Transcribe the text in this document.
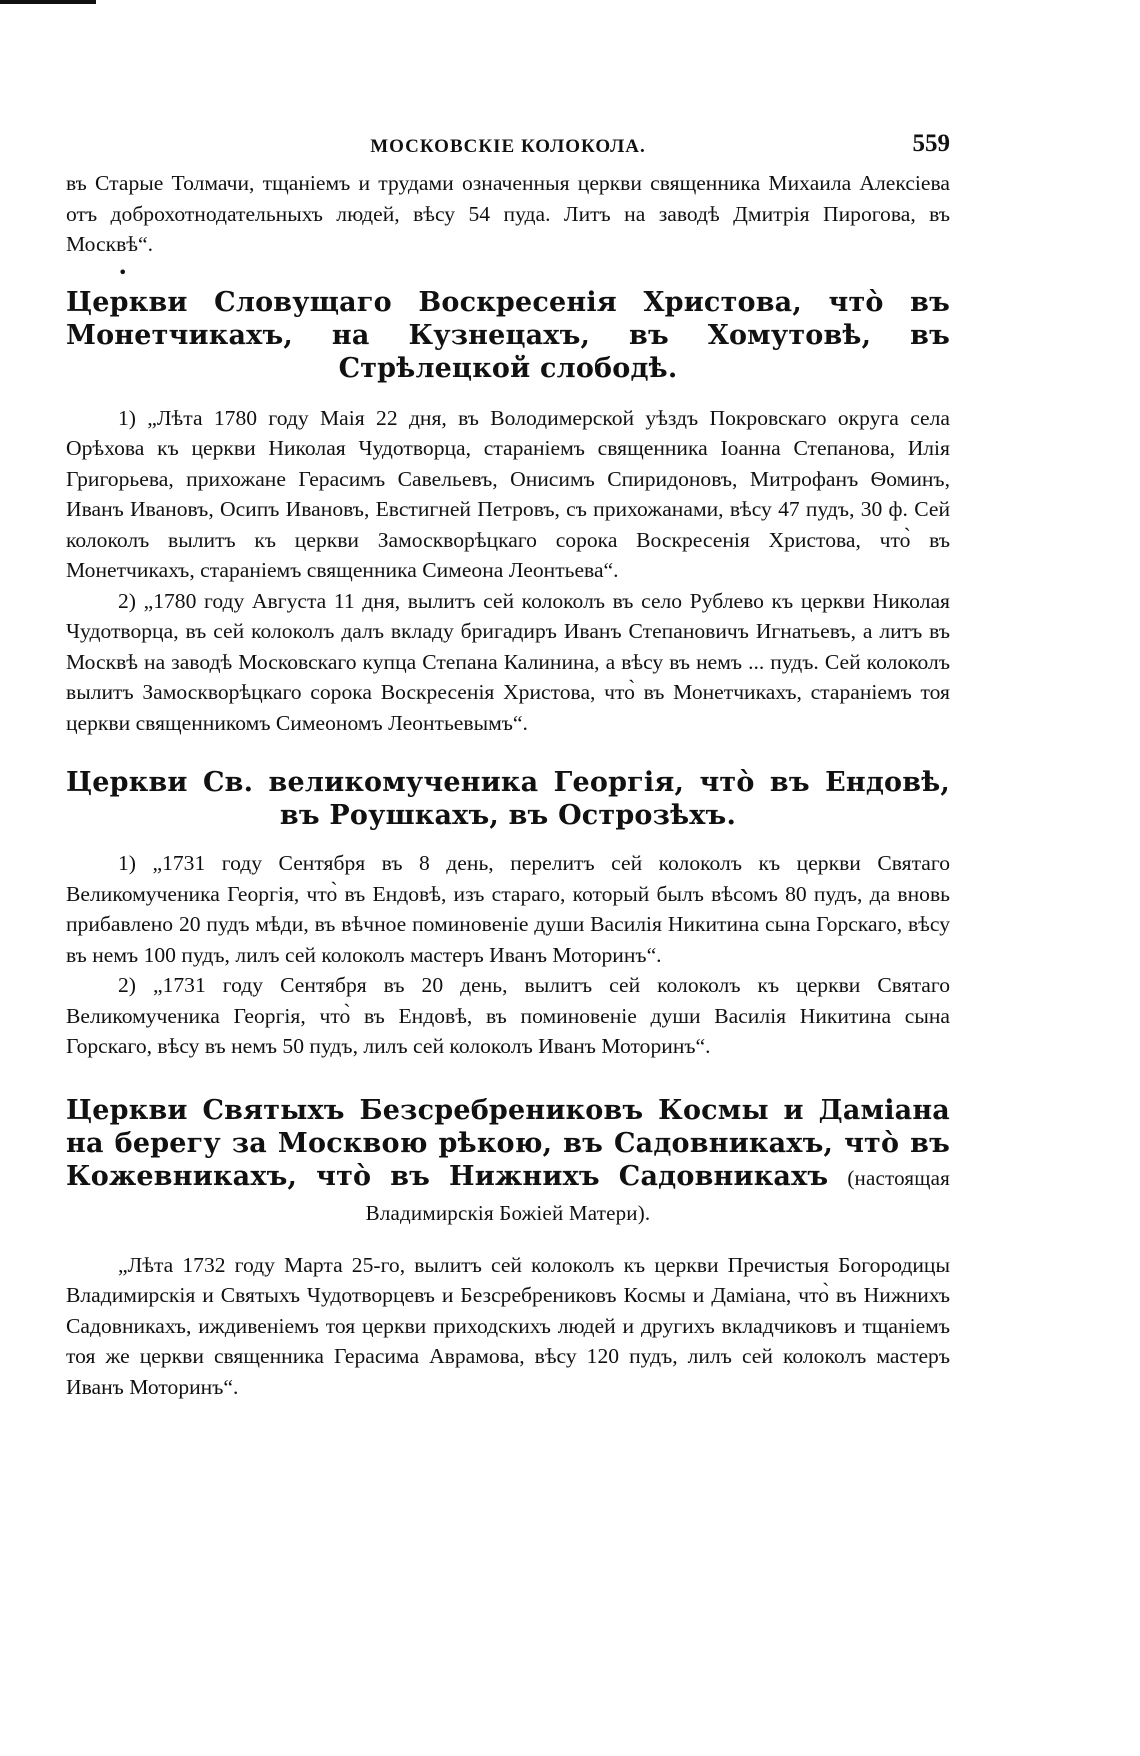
МОСКОВСКІЕ КОЛОКОЛА.	559

въ Старые Толмачи, тщаніемъ и трудами означенныя церкви священника Михаила Алексіева отъ доброхотнодательныхъ людей, вѣсу 54 пуда. Литъ на заводѣ Дмитрія Пирогова, въ Москвѣ“.

•
Церкви Словущаго Воскресенія Христова, что̀ въ Монетчикахъ, на Кузнецахъ, въ Хомутовѣ, въ Стрѣлецкой слободѣ.

1) „Лѣта 1780 году Маія 22 дня, въ Володимерской уѣздъ Покровскаго округа села Орѣхова къ церкви Николая Чудотворца, стараніемъ священника Іоанна Степанова, Илія Григорьева, прихожане Герасимъ Савельевъ, Онисимъ Спиридоновъ, Митрофанъ Ѳоминъ, Иванъ Ивановъ, Осипъ Ивановъ, Евстигней Петровъ, съ прихожанами, вѣсу 47 пудъ, 30 ф. Сей колоколъ вылитъ къ церкви Замоскворѣцкаго сорока Воскресенія Христова, что̀ въ Монетчикахъ, стараніемъ священника Симеона Леонтьева“.

2) „1780 году Августа 11 дня, вылитъ сей колоколъ въ село Рублево къ церкви Николая Чудотворца, въ сей колоколъ далъ вкладу бригадиръ Иванъ Степановичъ Игнатьевъ, а литъ въ Москвѣ на заводѣ Московскаго купца Степана Калинина, а вѣсу въ немъ ... пудъ. Сей колоколъ вылитъ Замоскворѣцкаго сорока Воскресенія Христова, что̀ въ Монетчикахъ, стараніемъ тоя церкви священникомъ Симеономъ Леонтьевымъ“.

Церкви Св. великомученика Георгія, что̀ въ Ендовѣ, въ Роушкахъ, въ Острозѣхъ.

1) „1731 году Сентября въ 8 день, перелитъ сей колоколъ къ церкви Святаго Великомученика Георгія, что̀ въ Ендовѣ, изъ стараго, который былъ вѣсомъ 80 пудъ, да вновь прибавлено 20 пудъ мѣди, въ вѣчное поминовеніе души Василія Никитина сына Горскаго, вѣсу въ немъ 100 пудъ, лилъ сей колоколъ мастеръ Иванъ Моторинъ“.

2) „1731 году Сентября въ 20 день, вылитъ сей колоколъ къ церкви Святаго Великомученика Георгія, что̀ въ Ендовѣ, въ поминовеніе души Василія Никитина сына Горскаго, вѣсу въ немъ 50 пудъ, лилъ сей колоколъ Иванъ Моторинъ“.

Церкви Святыхъ Безсребрениковъ Космы и Даміана на берегу за Москвою рѣкою, въ Садовникахъ, что̀ въ Кожевникахъ, что̀ въ Нижнихъ Садовникахъ (настоящая Владимирскія Божіей Матери).

„Лѣта 1732 году Марта 25-го, вылитъ сей колоколъ къ церкви Пречистыя Богородицы Владимирскія и Святыхъ Чудотворцевъ и Безсребрениковъ Космы и Даміана, что̀ въ Нижнихъ Садовникахъ, иждивеніемъ тоя церкви приходскихъ людей и другихъ вкладчиковъ и тщаніемъ тоя же церкви священника Герасима Аврамова, вѣсу 120 пудъ, лилъ сей колоколъ мастеръ Иванъ Моторинъ“.
